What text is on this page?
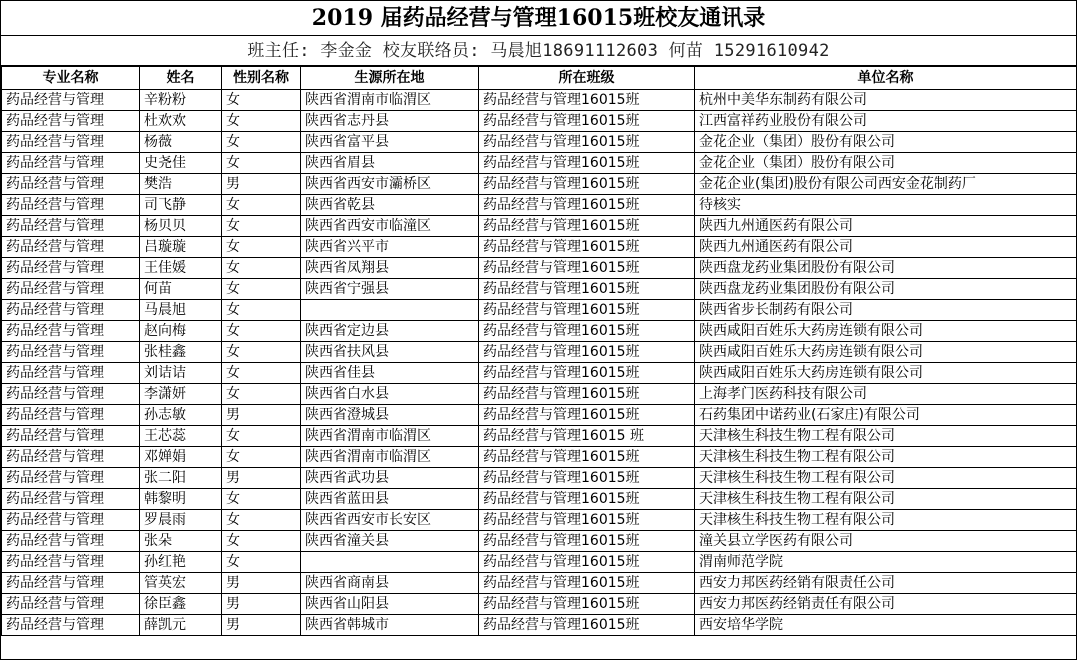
2019 届药品经营与管理16015班校友通讯录
班主任: 李金金 校友联络员: 马晨旭18691112603 何苗 15291610942
专业名称	姓名	性别名称	生源所在地	所在班级	单位名称
药品经营与管理	辛粉粉	女	陕西省渭南市临渭区	药品经营与管理16015班	杭州中美华东制药有限公司
药品经营与管理	杜欢欢	女	陕西省志丹县	药品经营与管理16015班	江西富祥药业股份有限公司
药品经营与管理	杨薇	女	陕西省富平县	药品经营与管理16015班	金花企业（集团）股份有限公司
药品经营与管理	史尧佳	女	陕西省眉县	药品经营与管理16015班	金花企业（集团）股份有限公司
药品经营与管理	樊浩	男	陕西省西安市灞桥区	药品经营与管理16015班	金花企业(集团)股份有限公司西安金花制药厂
药品经营与管理	司飞静	女	陕西省乾县	药品经营与管理16015班	待核实
药品经营与管理	杨贝贝	女	陕西省西安市临潼区	药品经营与管理16015班	陕西九州通医药有限公司
药品经营与管理	吕璇璇	女	陕西省兴平市	药品经营与管理16015班	陕西九州通医药有限公司
药品经营与管理	王佳媛	女	陕西省凤翔县	药品经营与管理16015班	陕西盘龙药业集团股份有限公司
药品经营与管理	何苗	女	陕西省宁强县	药品经营与管理16015班	陕西盘龙药业集团股份有限公司
药品经营与管理	马晨旭	女		药品经营与管理16015班	陕西省步长制药有限公司
药品经营与管理	赵向梅	女	陕西省定边县	药品经营与管理16015班	陕西咸阳百姓乐大药房连锁有限公司
药品经营与管理	张桂鑫	女	陕西省扶风县	药品经营与管理16015班	陕西咸阳百姓乐大药房连锁有限公司
药品经营与管理	刘诘诘	女	陕西省佳县	药品经营与管理16015班	陕西咸阳百姓乐大药房连锁有限公司
药品经营与管理	李潇妍	女	陕西省白水县	药品经营与管理16015班	上海孝门医药科技有限公司
药品经营与管理	孙志敏	男	陕西省澄城县	药品经营与管理16015班	石药集团中诺药业(石家庄)有限公司
药品经营与管理	王芯蕊	女	陕西省渭南市临渭区	药品经营与管理16015 班	天津核生科技生物工程有限公司
药品经营与管理	邓婵娟	女	陕西省渭南市临渭区	药品经营与管理16015班	天津核生科技生物工程有限公司
药品经营与管理	张二阳	男	陕西省武功县	药品经营与管理16015班	天津核生科技生物工程有限公司
药品经营与管理	韩黎明	女	陕西省蓝田县	药品经营与管理16015班	天津核生科技生物工程有限公司
药品经营与管理	罗晨雨	女	陕西省西安市长安区	药品经营与管理16015班	天津核生科技生物工程有限公司
药品经营与管理	张朵	女	陕西省潼关县	药品经营与管理16015班	潼关县立学医药有限公司
药品经营与管理	孙红艳	女		药品经营与管理16015班	渭南师范学院
药品经营与管理	管英宏	男	陕西省商南县	药品经营与管理16015班	西安力邦医药经销有限责任公司
药品经营与管理	徐臣鑫	男	陕西省山阳县	药品经营与管理16015班	西安力邦医药经销责任有限公司
药品经营与管理	薛凯元	男	陕西省韩城市	药品经营与管理16015班	西安培华学院
